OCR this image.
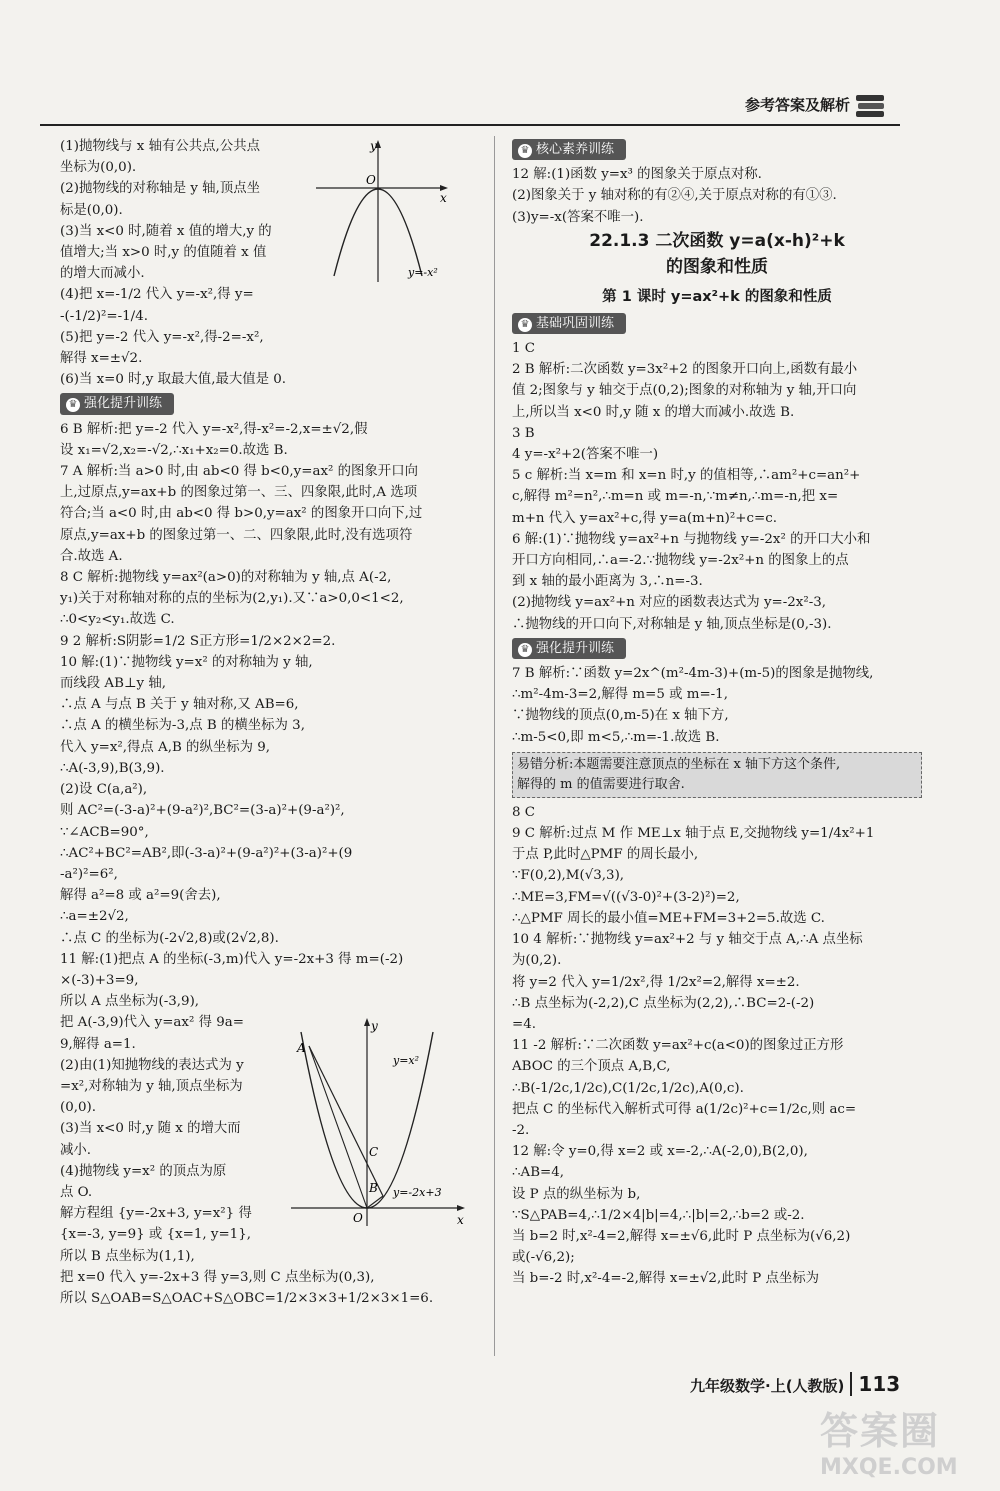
参考答案及解析
(1)抛物线与 x 轴有公共点,公共点
坐标为(0,0).
(2)抛物线的对称轴是 y 轴,顶点坐
标是(0,0).
(3)当 x<0 时,随着 x 值的增大,y 的
值增大;当 x>0 时,y 的值随着 x 值
的增大而减小.
(4)把 x=-1/2 代入 y=-x²,得 y=
-(-1/2)²=-1/4.
(5)把 y=-2 代入 y=-x²,得-2=-x²,
解得 x=±√2.
(6)当 x=0 时,y 取最大值,最大值是 0.
♛ 强化提升训练
6 B 解析:把 y=-2 代入 y=-x²,得-x²=-2,x=±√2,假
设 x₁=√2,x₂=-√2,∴x₁+x₂=0.故选 B.
7 A 解析:当 a>0 时,由 ab<0 得 b<0,y=ax² 的图象开口向
上,过原点,y=ax+b 的图象过第一、三、四象限,此时,A 选项
符合;当 a<0 时,由 ab<0 得 b>0,y=ax² 的图象开口向下,过
原点,y=ax+b 的图象过第一、二、四象限,此时,没有选项符
合.故选 A.
8 C 解析:抛物线 y=ax²(a>0)的对称轴为 y 轴,点 A(-2,
y₁)关于对称轴对称的点的坐标为(2,y₁).又∵a>0,0<1<2,
∴0<y₂<y₁.故选 C.
9 2 解析:S阴影=1/2 S正方形=1/2×2×2=2.
10 解:(1)∵抛物线 y=x² 的对称轴为 y 轴,
而线段 AB⊥y 轴,
∴点 A 与点 B 关于 y 轴对称,又 AB=6,
∴点 A 的横坐标为-3,点 B 的横坐标为 3,
代入 y=x²,得点 A,B 的纵坐标为 9,
∴A(-3,9),B(3,9).
(2)设 C(a,a²),
则 AC²=(-3-a)²+(9-a²)²,BC²=(3-a)²+(9-a²)²,
∵∠ACB=90°,
∴AC²+BC²=AB²,即(-3-a)²+(9-a²)²+(3-a)²+(9
-a²)²=6²,
解得 a²=8 或 a²=9(舍去),
∴a=±2√2,
∴点 C 的坐标为(-2√2,8)或(2√2,8).
11 解:(1)把点 A 的坐标(-3,m)代入 y=-2x+3 得 m=(-2)
×(-3)+3=9,
所以 A 点坐标为(-3,9),
把 A(-3,9)代入 y=ax² 得 9a=
9,解得 a=1.
(2)由(1)知抛物线的表达式为 y
=x²,对称轴为 y 轴,顶点坐标为
(0,0).
(3)当 x<0 时,y 随 x 的增大而
减小.
(4)抛物线 y=x² 的顶点为原
点 O.
解方程组 {y=-2x+3, y=x²} 得
{x=-3, y=9} 或 {x=1, y=1},
所以 B 点坐标为(1,1),
把 x=0 代入 y=-2x+3 得 y=3,则 C 点坐标为(0,3),
所以 S△OAB=S△OAC+S△OBC=1/2×3×3+1/2×3×1=6.
y
x
O
y=-x²
y
x
O
A
B
C
y=x²
y=-2x+3
♛ 核心素养训练
12 解:(1)函数 y=x³ 的图象关于原点对称.
(2)图象关于 y 轴对称的有②④,关于原点对称的有①③.
(3)y=-x(答案不唯一).
22.1.3 二次函数 y=a(x-h)²+k
的图象和性质
第 1 课时 y=ax²+k 的图象和性质
♛ 基础巩固训练
1 C
2 B 解析:二次函数 y=3x²+2 的图象开口向上,函数有最小
值 2;图象与 y 轴交于点(0,2);图象的对称轴为 y 轴,开口向
上,所以当 x<0 时,y 随 x 的增大而减小.故选 B.
3 B
4 y=-x²+2(答案不唯一)
5 c 解析:当 x=m 和 x=n 时,y 的值相等,∴am²+c=an²+
c,解得 m²=n²,∴m=n 或 m=-n,∵m≠n,∴m=-n,把 x=
m+n 代入 y=ax²+c,得 y=a(m+n)²+c=c.
6 解:(1)∵抛物线 y=ax²+n 与抛物线 y=-2x² 的开口大小和
开口方向相同,∴a=-2.∵抛物线 y=-2x²+n 的图象上的点
到 x 轴的最小距离为 3,∴n=-3.
(2)抛物线 y=ax²+n 对应的函数表达式为 y=-2x²-3,
∴抛物线的开口向下,对称轴是 y 轴,顶点坐标是(0,-3).
♛ 强化提升训练
7 B 解析:∵函数 y=2x^(m²-4m-3)+(m-5)的图象是抛物线,
∴m²-4m-3=2,解得 m=5 或 m=-1,
∵抛物线的顶点(0,m-5)在 x 轴下方,
∴m-5<0,即 m<5,∴m=-1.故选 B.
易错分析:本题需要注意顶点的坐标在 x 轴下方这个条件,
解得的 m 的值需要进行取舍.
8 C
9 C 解析:过点 M 作 ME⊥x 轴于点 E,交抛物线 y=1/4x²+1
于点 P,此时△PMF 的周长最小,
∵F(0,2),M(√3,3),
∴ME=3,FM=√((√3-0)²+(3-2)²)=2,
∴△PMF 周长的最小值=ME+FM=3+2=5.故选 C.
10 4 解析:∵抛物线 y=ax²+2 与 y 轴交于点 A,∴A 点坐标
为(0,2).
将 y=2 代入 y=1/2x²,得 1/2x²=2,解得 x=±2.
∴B 点坐标为(-2,2),C 点坐标为(2,2),∴BC=2-(-2)
=4.
11 -2 解析:∵二次函数 y=ax²+c(a<0)的图象过正方形
ABOC 的三个顶点 A,B,C,
∴B(-1/2c,1/2c),C(1/2c,1/2c),A(0,c).
把点 C 的坐标代入解析式可得 a(1/2c)²+c=1/2c,则 ac=
-2.
12 解:令 y=0,得 x=2 或 x=-2,∴A(-2,0),B(2,0),
∴AB=4,
设 P 点的纵坐标为 b,
∵S△PAB=4,∴1/2×4|b|=4,∴|b|=2,∴b=2 或-2.
当 b=2 时,x²-4=2,解得 x=±√6,此时 P 点坐标为(√6,2)
或(-√6,2);
当 b=-2 时,x²-4=-2,解得 x=±√2,此时 P 点坐标为
九年级数学·上(人教版) 113
答案圈
MXQE.COM
